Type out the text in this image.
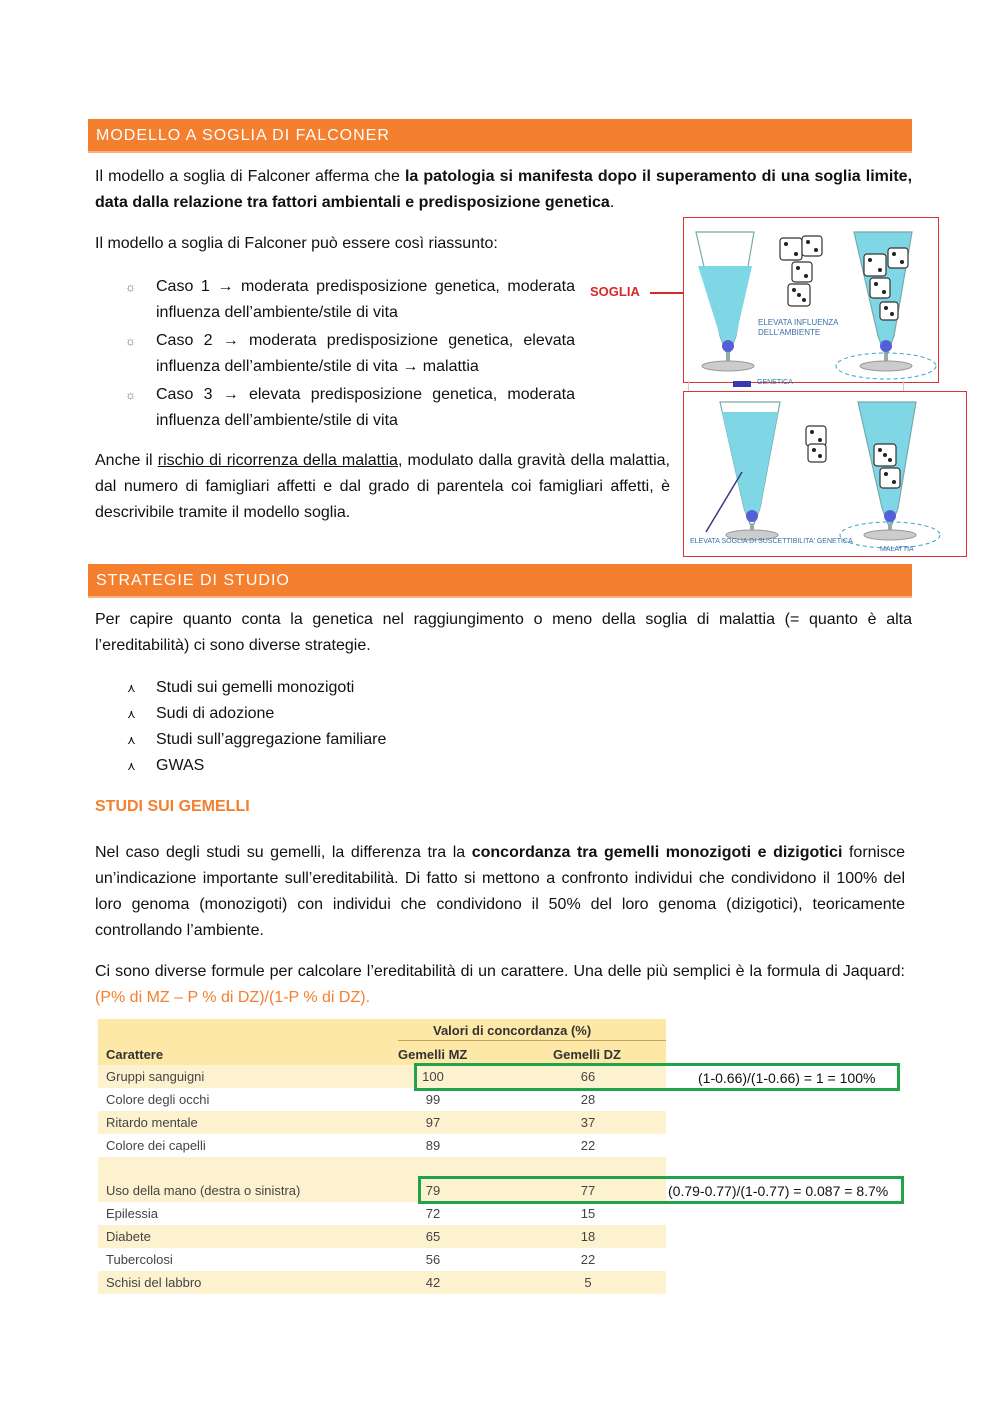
MODELLO A SOGLIA DI FALCONER

Il modello a soglia di Falconer afferma che la patologia si manifesta dopo il superamento di una soglia limite, data dalla relazione tra fattori ambientali e predisposizione genetica.

Il modello a soglia di Falconer può essere così riassunto:

☼ Caso 1 → moderata predisposizione genetica, moderata influenza dell’ambiente/stile di vita
☼ Caso 2 → moderata predisposizione genetica, elevata influenza dell’ambiente/stile di vita → malattia
☼ Caso 3 → elevata predisposizione genetica, moderata influenza dell’ambiente/stile di vita

Anche il rischio di ricorrenza della malattia, modulato dalla gravità della malattia, dal numero di famigliari affetti e dal grado di parentela coi famigliari affetti, è descrivibile tramite il modello soglia.

SOGLIA
ELEVATA INFLUENZA DELL’AMBIENTE
GENETICA
ELEVATA SOGLIA DI SUSCETTIBILITA' GENETICA
MALATTIA
STRATEGIE DI STUDIO

Per capire quanto conta la genetica nel raggiungimento o meno della soglia di malattia (= quanto è alta l’ereditabilità) ci sono diverse strategie.

⋏ Studi sui gemelli monozigoti
⋏ Sudi di adozione
⋏ Studi sull’aggregazione familiare
⋏ GWAS
STUDI SUI GEMELLI

Nel caso degli studi su gemelli, la differenza tra la concordanza tra gemelli monozigoti e dizigotici fornisce un’indicazione importante sull’ereditabilità. Di fatto si mettono a confronto individui che condividono il 100% del loro genoma (monozigoti) con individui che condividono il 50% del loro genoma (dizigotici), teoricamente controllando l’ambiente.

Ci sono diverse formule per calcolare l’ereditabilità di un carattere. Una delle più semplici è la formula di Jaquard: (P% di MZ – P % di DZ)/(1-P % di DZ).

Valori di concordanza (%)
Carattere	Gemelli MZ	Gemelli DZ
Gruppi sanguigni	100	66
Colore degli occhi	99	28
Ritardo mentale	97	37
Colore dei capelli	89	22
Uso della mano (destra o sinistra)	79	77
Epilessia	72	15
Diabete	65	18
Tubercolosi	56	22
Schisi del labbro	42	5
(1-0.66)/(1-0.66) = 1 = 100%
(0.79-0.77)/(1-0.77) = 0.087 = 8.7%
